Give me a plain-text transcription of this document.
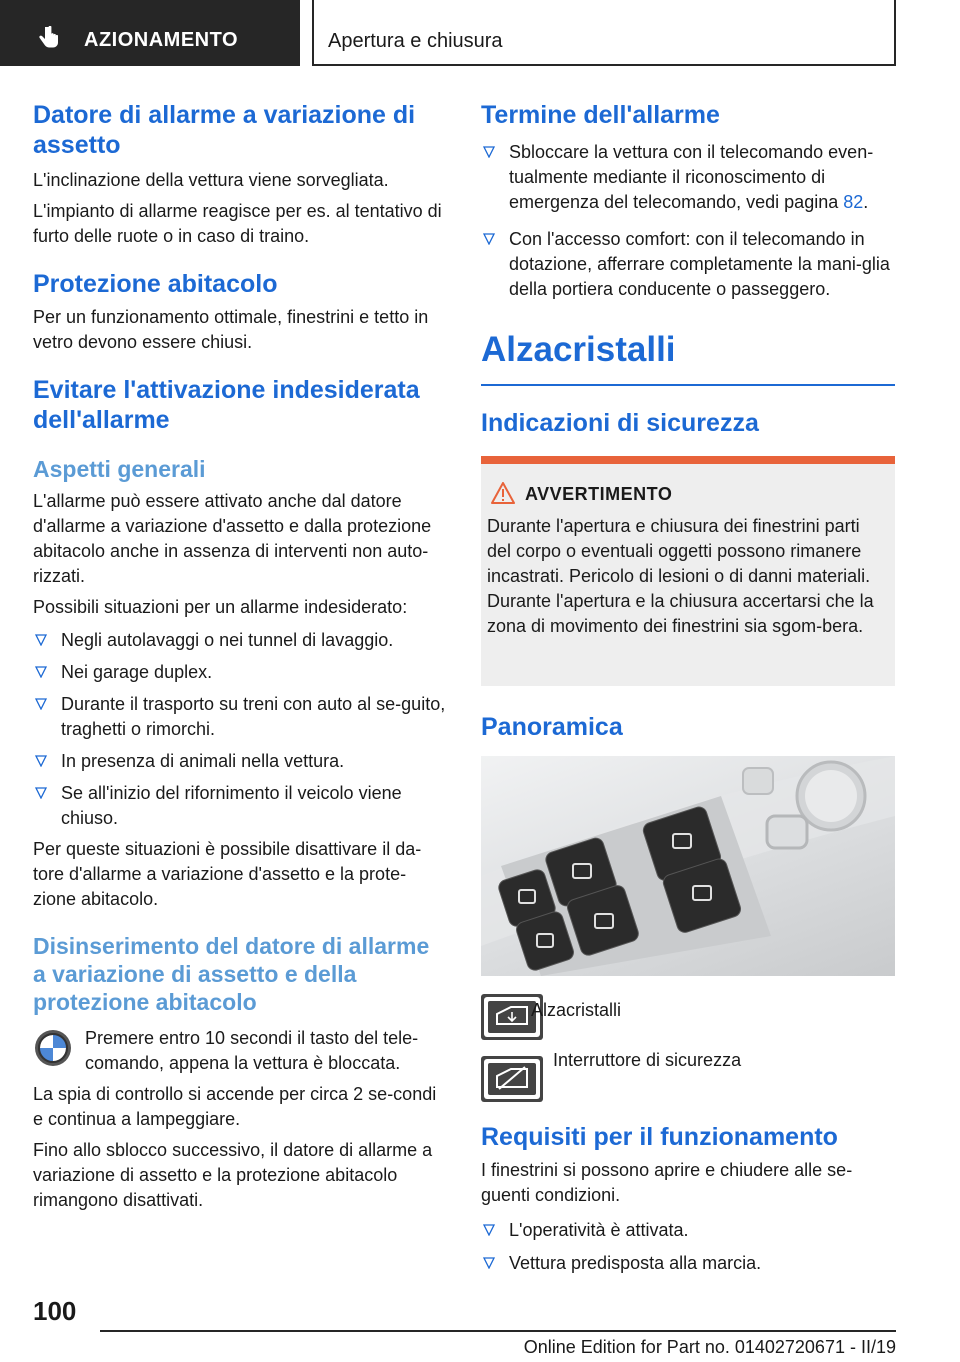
AZIONAMENTO	Apertura e chiusura
Datore di allarme a variazione di assetto

L'inclinazione della vettura viene sorvegliata.

L'impianto di allarme reagisce per es. al tentativo di furto delle ruote o in caso di traino.

Protezione abitacolo

Per un funzionamento ottimale, finestrini e tetto in vetro devono essere chiusi.

Evitare l'attivazione indesiderata dell'allarme
Aspetti generali

L'allarme può essere attivato anche dal datore d'allarme a variazione d'assetto e dalla protezione abitacolo anche in assenza di interventi non auto-rizzati.

Possibili situazioni per un allarme indesiderato:

Negli autolavaggi o nei tunnel di lavaggio.
Nei garage duplex.
Durante il trasporto su treni con auto al se-guito, traghetti o rimorchi.
In presenza di animali nella vettura.
Se all'inizio del rifornimento il veicolo viene chiuso.

Per queste situazioni è possibile disattivare il da-tore d'allarme a variazione d'assetto e la prote-zione abitacolo.

Disinserimento del datore di allarme a variazione di assetto e della protezione abitacolo

Premere entro 10 secondi il tasto del tele-comando, appena la vettura è bloccata.

La spia di controllo si accende per circa 2 se-condi e continua a lampeggiare.

Fino allo sblocco successivo, il datore di allarme a variazione di assetto e la protezione abitacolo rimangono disattivati.

Termine dell'allarme
Sbloccare la vettura con il telecomando even-tualmente mediante il riconoscimento di emergenza del telecomando, vedi pagina 82.
Con l'accesso comfort: con il telecomando in dotazione, afferrare completamente la mani-glia della portiera conducente o passeggero.
Alzacristalli
Indicazioni di sicurezza
AVVERTIMENTO

Durante l'apertura e chiusura dei finestrini parti del corpo o eventuali oggetti possono rimanere incastrati. Pericolo di lesioni o di danni materiali. Durante l'apertura e la chiusura accertarsi che la zona di movimento dei finestrini sia sgom-bera.

Panoramica
Alzacristalli
Interruttore di sicurezza
Requisiti per il funzionamento

I finestrini si possono aprire e chiudere alle se-guenti condizioni.

L'operatività è attivata.
Vettura predisposta alla marcia.
100
Online Edition for Part no. 01402720671 - II/19
